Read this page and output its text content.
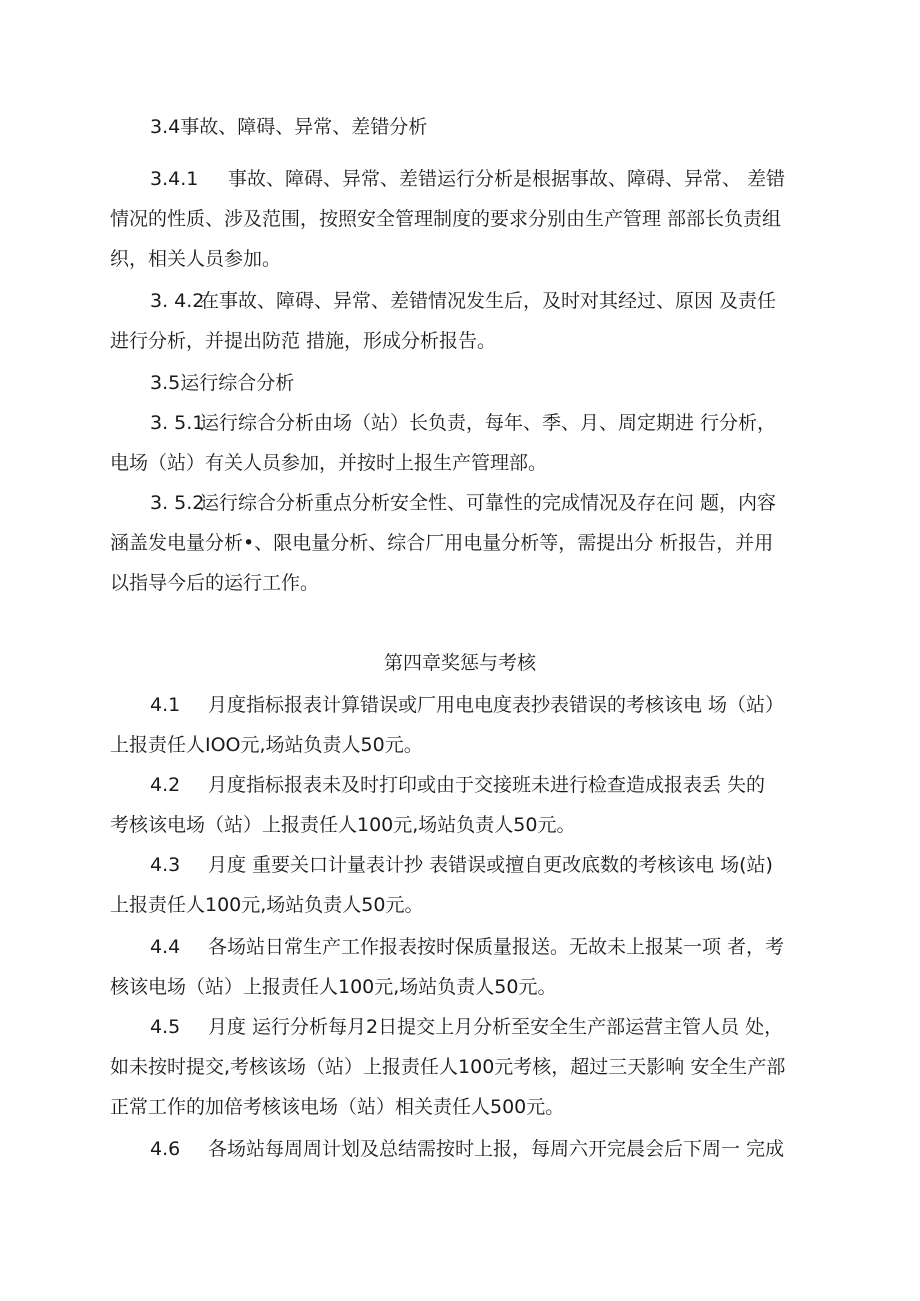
3.4事故、障碍、异常、差错分析
3.4.1 事故、障碍、异常、差错运行分析是根据事故、障碍、异常、 差错
情况的性质、涉及范围，按照安全管理制度的要求分别由生产管理 部部长负责组
织，相关人员参加。
3. 4.2
在事故、障碍、异常、差错情况发生后，及时对其经过、原因 及责任
进行分析，并提出防范 措施，形成分析报告。
3.5运行综合分析
3. 5.1
运行综合分析由场（站）长负责，每年、季、月、周定期进 行分析，
电场（站）有关人员参加，并按时上报生产管理部。
3. 5.2
运行综合分析重点分析安全性、可靠性的完成情况及存在问 题，内容
涵盖发电量分析•、限电量分析、综合厂用电量分析等，需提出分 析报告，并用
以指导今后的运行工作。
第四章奖惩与考核
4.1 月度指标报表计算错误或厂用电电度表抄表错误的考核该电 场（站）
上报责任人IOO元,场站负责人50元。
4.2 月度指标报表未及时打印或由于交接班未进行检查造成报表丢 失的
考核该电场（站）上报责任人100元,场站负责人50元。
4.3 月度 重要关口计量表计抄 表错误或擅自更改底数的考核该电 场(站)
上报责任人100元,场站负责人50元。
4.4 各场站日常生产工作报表按时保质量报送。无故未上报某一项 者，考
核该电场（站）上报责任人100元,场站负责人50元。
4.5 月度 运行分析每月2日提交上月分析至安全生产部运营主管人员 处，
如未按时提交,考核该场（站）上报责任人100元考核，超过三天影响 安全生产部
正常工作的加倍考核该电场（站）相关责任人500元。
4.6 各场站每周周计划及总结需按时上报，每周六开完晨会后下周一 完成
